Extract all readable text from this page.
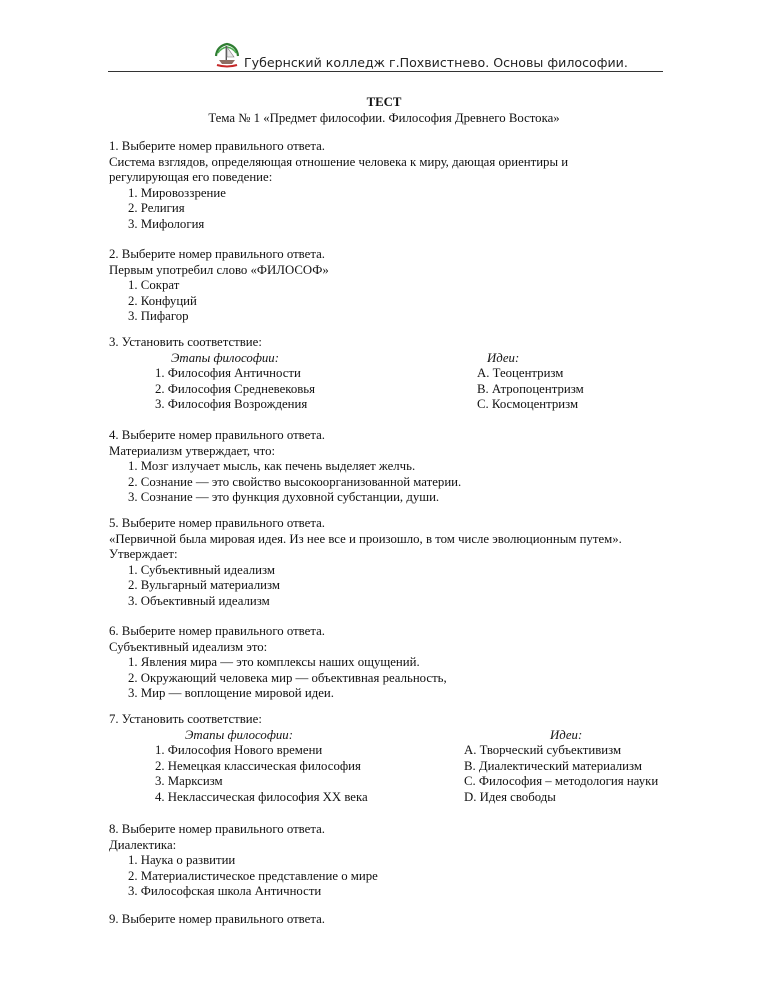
Губернский колледж г.Похвистнево. Основы философии.
ТЕСТ
Тема № 1 «Предмет философии. Философия Древнего Востока»
1. Выберите номер правильного ответа.
Система взглядов, определяющая отношение человека к миру, дающая ориентиры и
регулирующая его поведение:
1. Мировоззрение
2. Религия
3. Мифология
2. Выберите номер правильного ответа.
Первым употребил слово «ФИЛОСОФ»
1. Сократ
2. Конфуций
3. Пифагор
3. Установить соответствие:
Этапы философии:
1. Философия Античности
2. Философия Средневековья
3. Философия Возрождения
Идеи:
A. Теоцентризм
B. Атропоцентризм
C. Космоцентризм
4. Выберите номер правильного ответа.
Материализм утверждает, что:
1. Мозг излучает мысль, как печень выделяет желчь.
2. Сознание — это свойство высокоорганизованной материи.
3. Сознание — это функция духовной субстанции, души.
5. Выберите номер правильного ответа.
«Первичной была мировая идея. Из нее все и произошло, в том числе эволюционным путем».
Утверждает:
1. Субъективный идеализм
2. Вульгарный материализм
3. Объективный идеализм
6. Выберите номер правильного ответа.
Субъективный идеализм это:
1. Явления мира — это комплексы наших ощущений.
2. Окружающий человека мир — объективная реальность,
3. Мир — воплощение мировой идеи.
7. Установить соответствие:
Этапы философии:
1. Философия Нового времени
2. Немецкая классическая философия
3. Марксизм
4. Неклассическая философия XX века
Идеи:
A. Творческий субъективизм
B. Диалектический материализм
C. Философия – методология науки
D. Идея свободы
8. Выберите номер правильного ответа.
Диалектика:
1. Наука о развитии
2. Материалистическое представление о мире
3. Философская школа Античности
9. Выберите номер правильного ответа.
